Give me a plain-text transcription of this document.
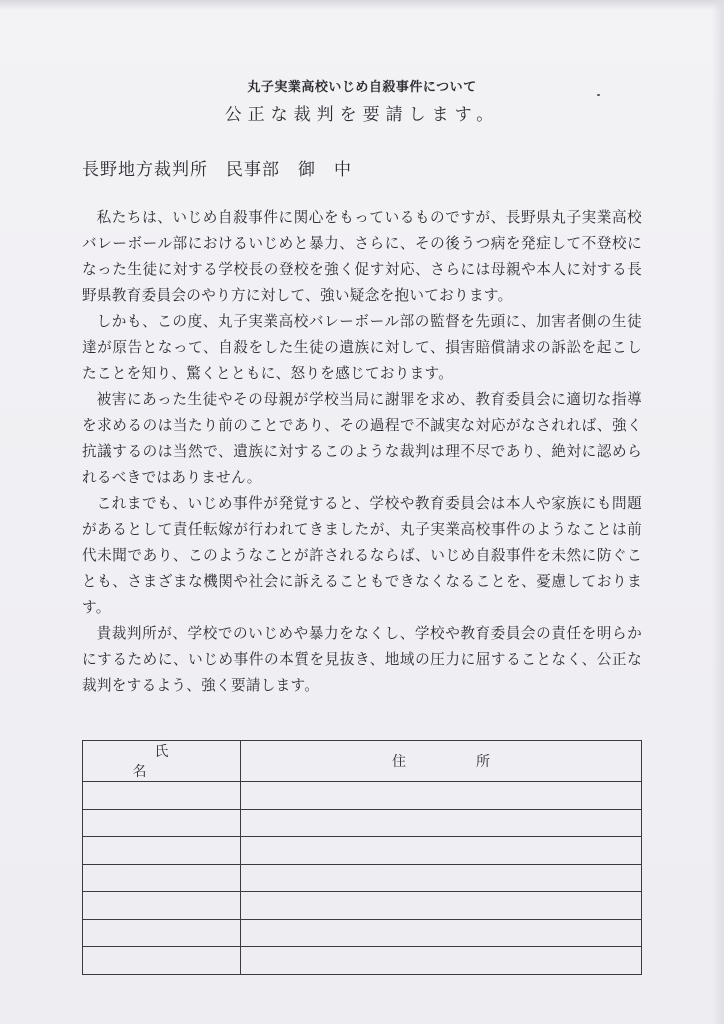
丸子実業高校いじめ自殺事件について
公正な裁判を要請します。
長野地方裁判所　民事部　御　中

私たちは、いじめ自殺事件に関心をもっているものですが、長野県丸子実業高校バレーボール部におけるいじめと暴力、さらに、その後うつ病を発症して不登校になった生徒に対する学校長の登校を強く促す対応、さらには母親や本人に対する長野県教育委員会のやり方に対して、強い疑念を抱いております。

しかも、この度、丸子実業高校バレーボール部の監督を先頭に、加害者側の生徒達が原告となって、自殺をした生徒の遺族に対して、損害賠償請求の訴訟を起こしたことを知り、驚くとともに、怒りを感じております。

被害にあった生徒やその母親が学校当局に謝罪を求め、教育委員会に適切な指導を求めるのは当たり前のことであり、その過程で不誠実な対応がなされれば、強く抗議するのは当然で、遺族に対するこのような裁判は理不尽であり、絶対に認められるべきではありません。

これまでも、いじめ事件が発覚すると、学校や教育委員会は本人や家族にも問題があるとして責任転嫁が行われてきましたが、丸子実業高校事件のようなことは前代未聞であり、このようなことが許されるならば、いじめ自殺事件を未然に防ぐことも、さまざまな機関や社会に訴えることもできなくなることを、憂慮しております。

貴裁判所が、学校でのいじめや暴力をなくし、学校や教育委員会の責任を明らかにするために、いじめ事件の本質を見抜き、地域の圧力に屈することなく、公正な裁判をするよう、強く要請します。

氏名	住所
